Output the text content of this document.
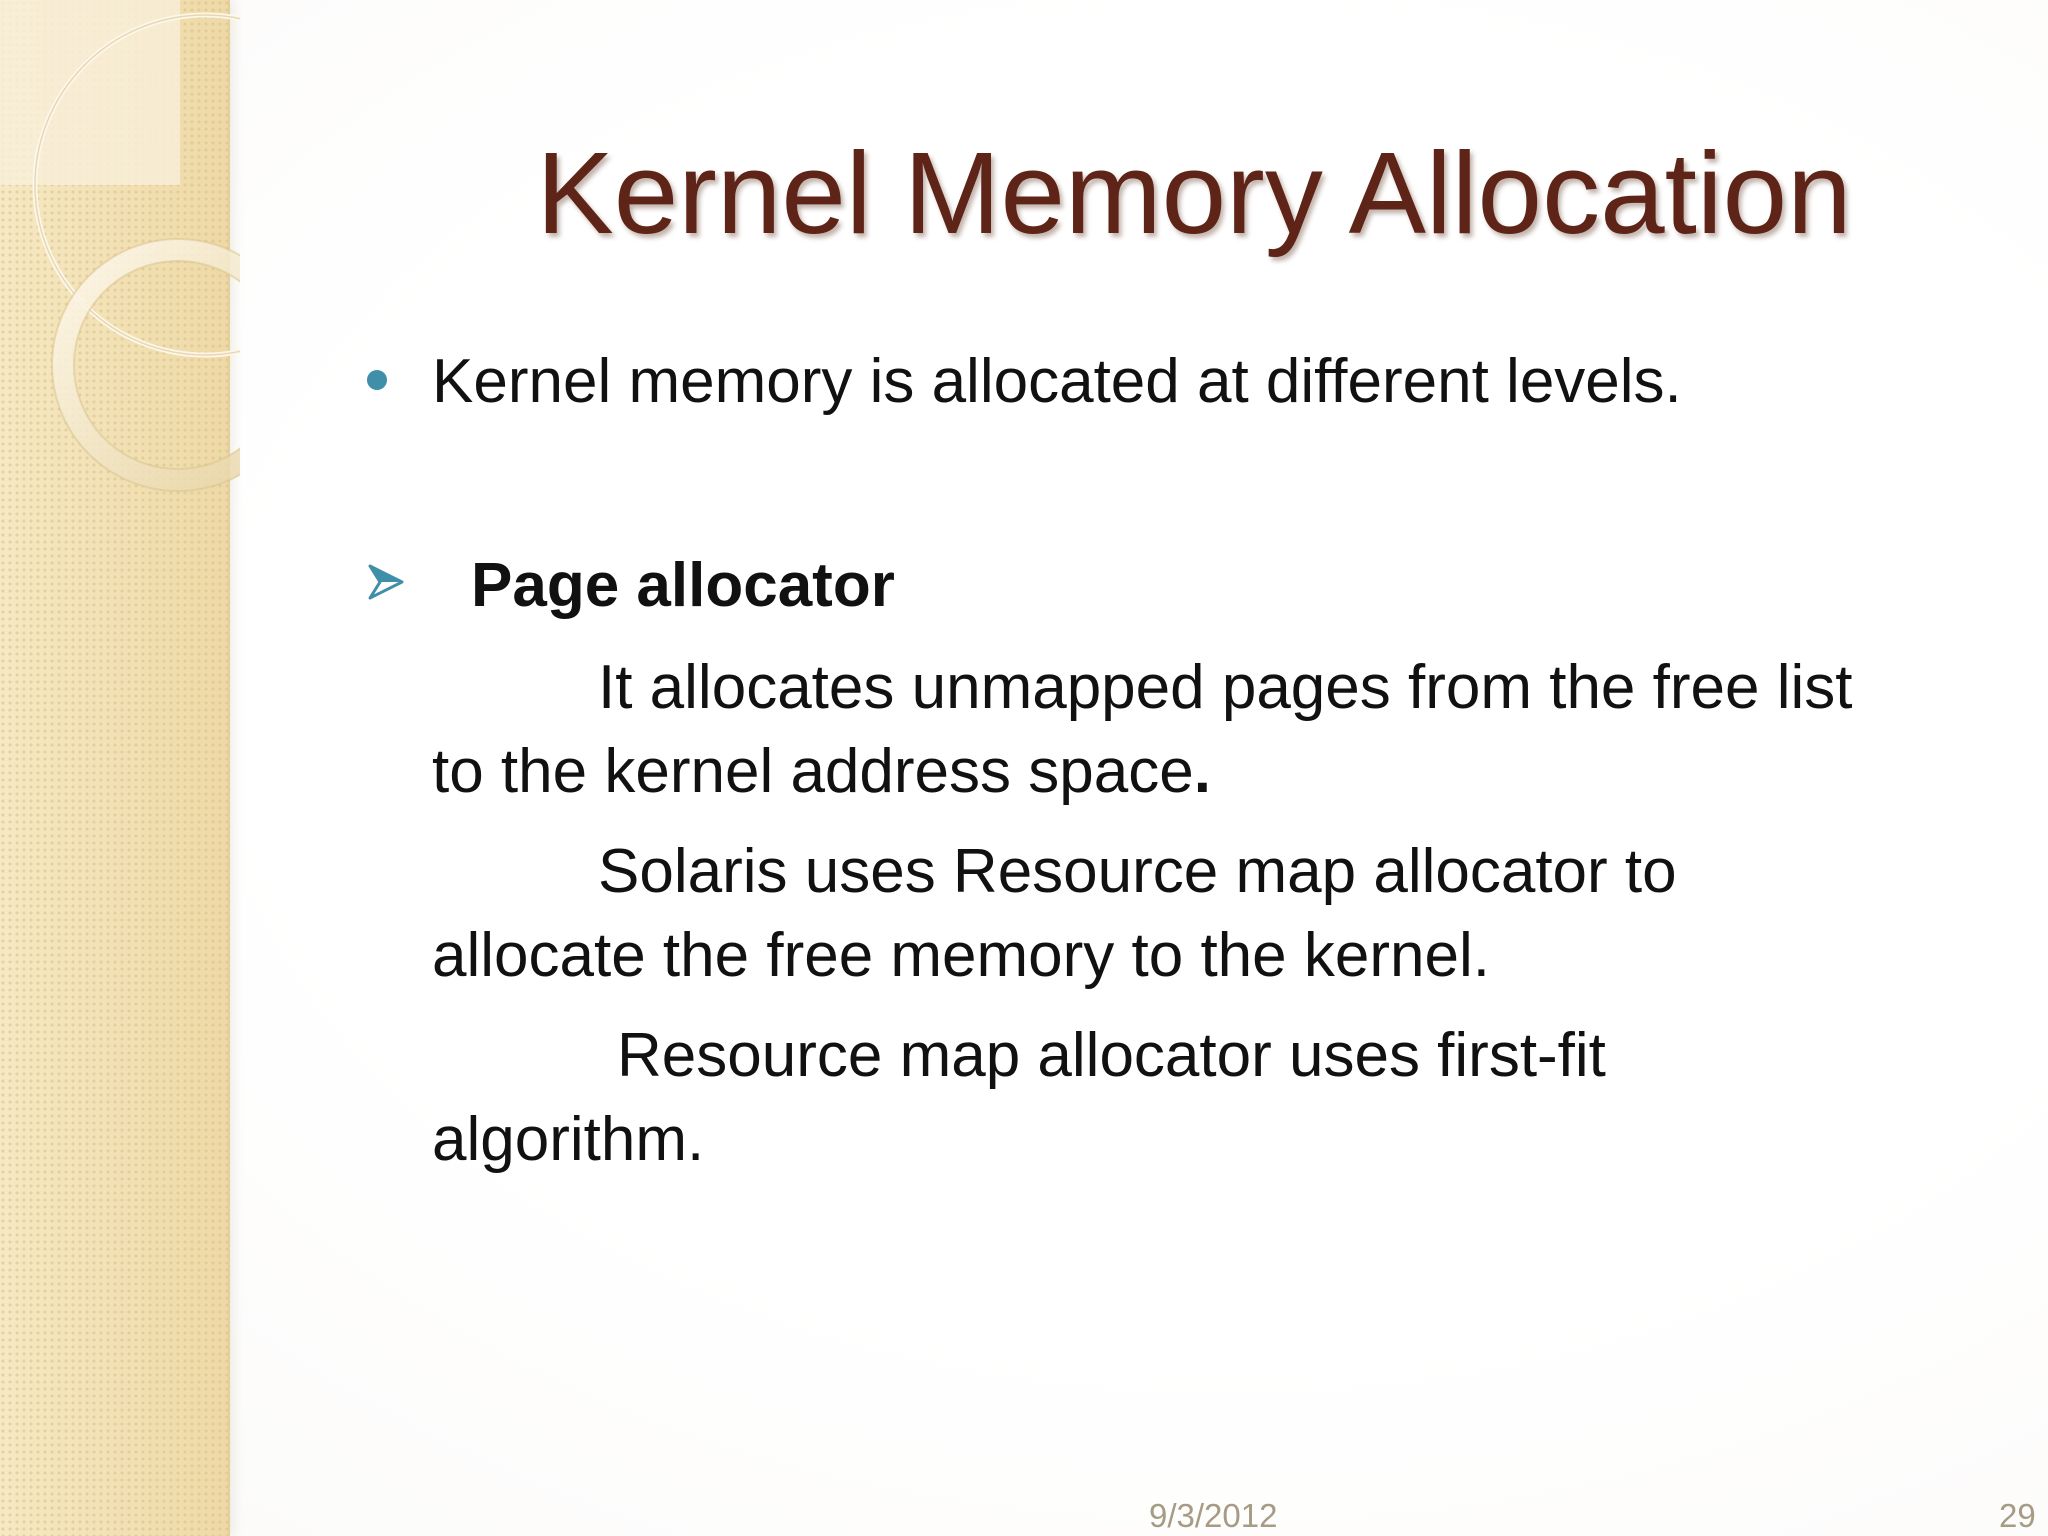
Kernel Memory Allocation
Kernel memory is allocated at different levels.
Page allocator
It allocates unmapped pages from the free list
to the kernel address space.
Solaris uses Resource map allocator to
allocate the free memory to the kernel.
Resource map allocator uses first-fit
algorithm.
9/3/2012	29
